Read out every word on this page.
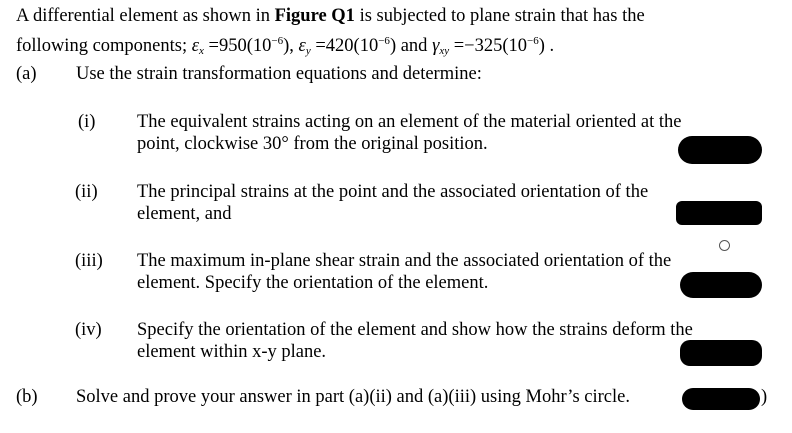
A differential element as shown in Figure Q1 is subjected to plane strain that has the
following components; $\varepsilon_x =950(10^{-6})$, $\varepsilon_y =420(10^{-6})$ and $\gamma_{xy} =-325(10^{-6})$ .
(a) Use the strain transformation equations and determine:
(i) The equivalent strains acting on an element of the material oriented at the
point, clockwise 30° from the original position.
(ii) The principal strains at the point and the associated orientation of the
element, and
(iii) The maximum in-plane shear strain and the associated orientation of the
element. Specify the orientation of the element.
(iv) Specify the orientation of the element and show how the strains deform the
element within x-y plane.
(b) Solve and prove your answer in part (a)(ii) and (a)(iii) using Mohr’s circle.	)
